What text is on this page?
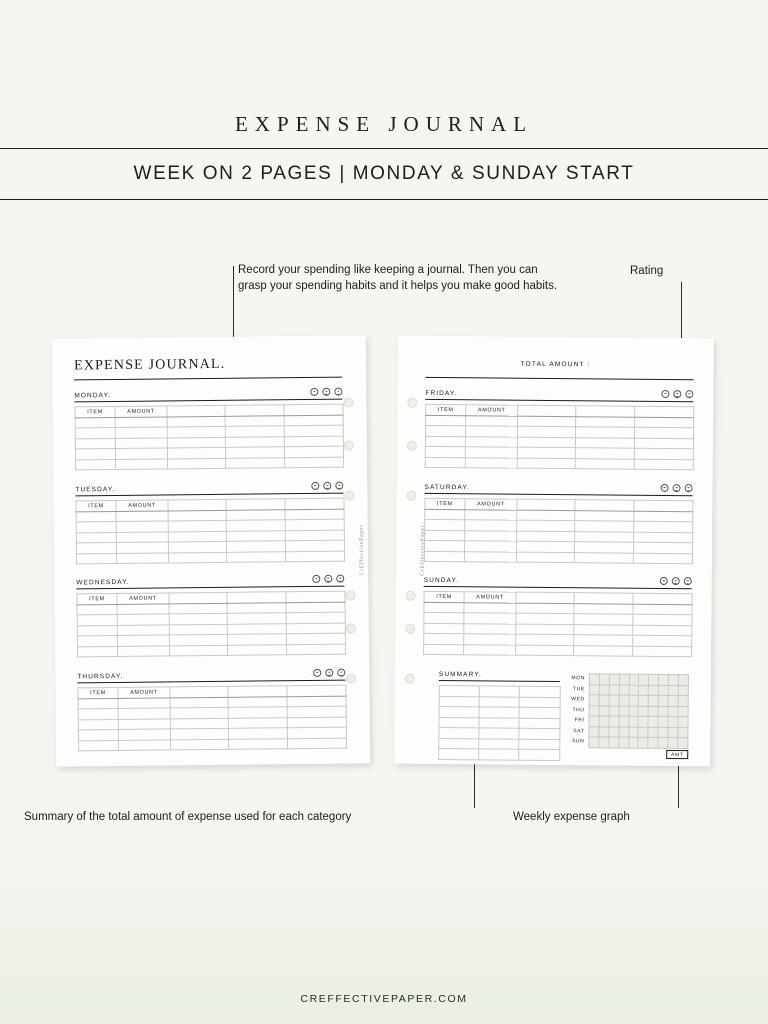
EXPENSE JOURNAL
WEEK ON 2 PAGES | MONDAY & SUNDAY START
Record your spending like keeping a journal. Then you can grasp your spending habits and it helps you make good habits.
Rating
Summary of the total amount of expense used for each category	Weekly expense graph
EXPENSE JOURNAL.
MONDAY.
ITEM	AMOUNT			

TUESDAY.
ITEM	AMOUNT			

WEDNESDAY.
ITEM	AMOUNT			

THURSDAY.
ITEM	AMOUNT			

CrEffectivePaper
TOTAL AMOUNT :
FRIDAY.
ITEM	AMOUNT			

SATURDAY.
ITEM	AMOUNT			

SUNDAY.
ITEM	AMOUNT			

SUMMARY.

			MON
TUE
WED
THU
FRI
SAT
SUN

AMT
CrEffectivePaper
CREFFECTIVEPAPER.COM
